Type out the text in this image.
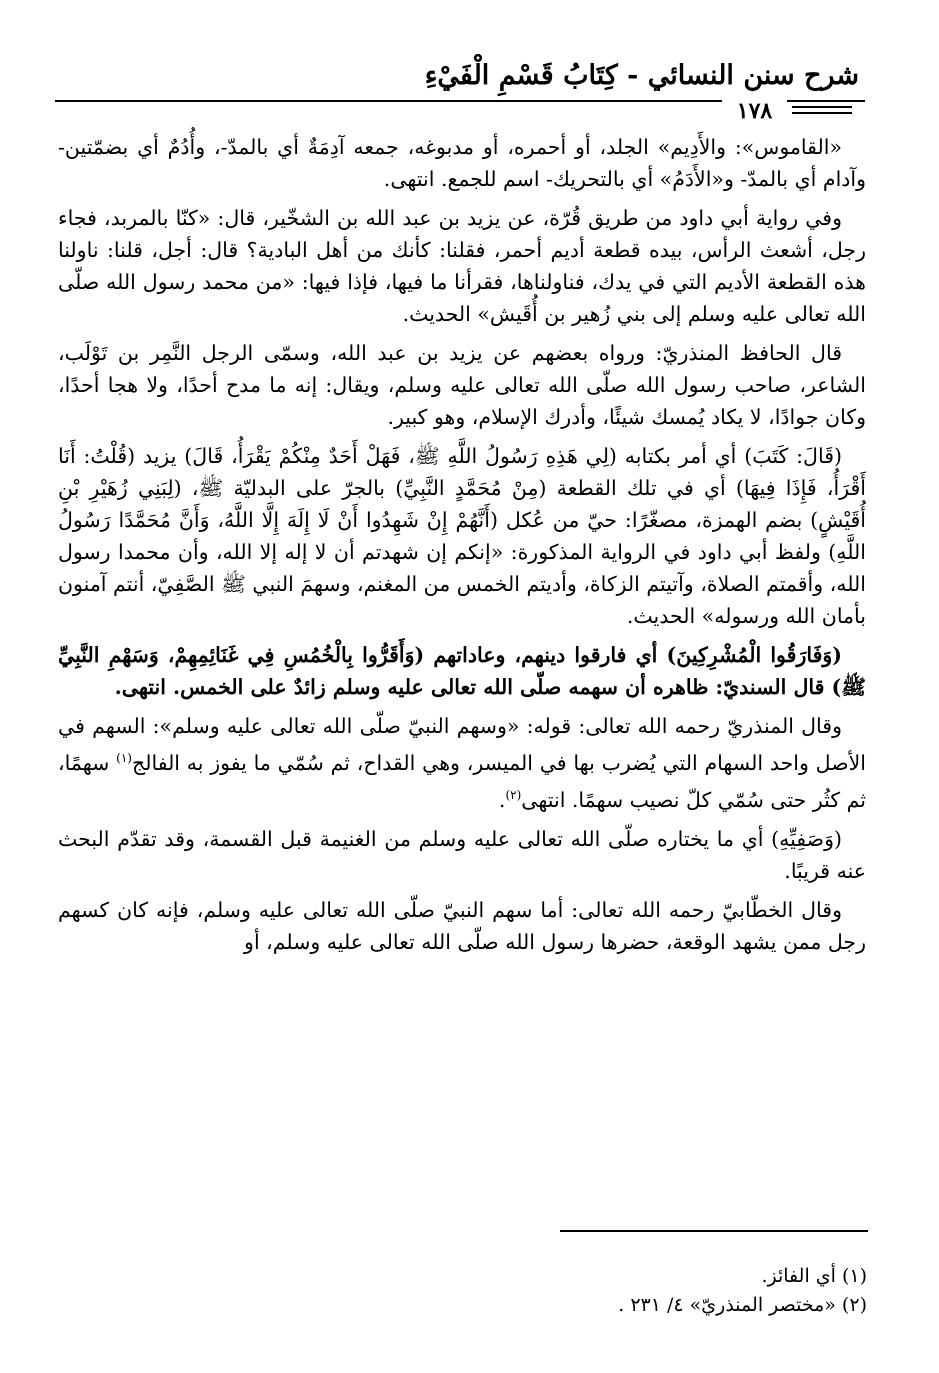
شرح سنن النسائي - كِتَابُ قَسْمِ الْفَيْءِ
١٧٨

«القاموس»: والأَدِيم» الجلد، أو أحمره، أو مدبوغه، جمعه آدِمَةٌ أي بالمدّ-، وأُدُمٌ أي بضمّتين- وآدام أي بالمدّ- و«الأَدَمُ» أي بالتحريك- اسم للجمع. انتهى.

وفي رواية أبي داود من طريق قُرّة، عن يزيد بن عبد الله بن الشخّير، قال: «كنّا بالمربد، فجاء رجل، أشعث الرأس، بيده قطعة أديم أحمر، فقلنا: كأنك من أهل البادية؟ قال: أجل، قلنا: ناولنا هذه القطعة الأديم التي في يدك، فناولناها، فقرأنا ما فيها، فإذا فيها: «من محمد رسول الله صلّى الله تعالى عليه وسلم إلى بني زُهير بن أُقَيش» الحديث.

قال الحافظ المنذريّ: ورواه بعضهم عن يزيد بن عبد الله، وسمّى الرجل النَّمِر بن تَوْلَب، الشاعر، صاحب رسول الله صلّى الله تعالى عليه وسلم، ويقال: إنه ما مدح أحدًا، ولا هجا أحدًا، وكان جوادًا، لا يكاد يُمسك شيئًا، وأدرك الإسلام، وهو كبير.

(قَالَ: كَتَبَ) أي أمر بكتابه (لِي هَذِهِ رَسُولُ اللَّهِ ﷺ، فَهَلْ أَحَدٌ مِنْكُمْ يَقْرَأُ، قَالَ) يزيد (قُلْتُ: أَنَا أَقْرَأُ، فَإِذَا فِيهَا) أي في تلك القطعة (مِنْ مُحَمَّدٍ النَّبِيِّ) بالجرّ على البدليّة ﷺ، (لِبَنِي زُهَيْرِ بْنِ أُقَيْشٍ) بضم الهمزة، مصغّرًا: حيّ من عُكل (أَنَّهُمْ إِنْ شَهِدُوا أَنْ لَا إِلَهَ إِلَّا اللَّهُ، وَأَنَّ مُحَمَّدًا رَسُولُ اللَّهِ) ولفظ أبي داود في الرواية المذكورة: «إنكم إن شهدتم أن لا إله إلا الله، وأن محمدا رسول الله، وأقمتم الصلاة، وآتيتم الزكاة، وأديتم الخمس من المغنم، وسهمَ النبي ﷺ الصَّفِيّ، أنتم آمنون بأمان الله ورسوله» الحديث.

(وَفَارَقُوا الْمُشْرِكِينَ) أي فارقوا دينهم، وعاداتهم (وَأَقَرُّوا بِالْخُمُسِ فِي غَنَائِمِهِمْ، وَسَهْمِ النَّبِيِّ ﷺ) قال السنديّ: ظاهره أن سهمه صلّى الله تعالى عليه وسلم زائدٌ على الخمس. انتهى.

وقال المنذريّ رحمه الله تعالى: قوله: «وسهم النبيّ صلّى الله تعالى عليه وسلم»: السهم في الأصل واحد السهام التي يُضرب بها في الميسر، وهي القداح، ثم سُمّي ما يفوز به الفالج$^{(١)}$ سهمًا، ثم كثُر حتى سُمّي كلّ نصيب سهمًا. انتهى$^{(٢)}$.

(وَصَفِيِّهِ) أي ما يختاره صلّى الله تعالى عليه وسلم من الغنيمة قبل القسمة، وقد تقدّم البحث عنه قريبًا.

وقال الخطّابيّ رحمه الله تعالى: أما سهم النبيّ صلّى الله تعالى عليه وسلم، فإنه كان كسهم رجل ممن يشهد الوقعة، حضرها رسول الله صلّى الله تعالى عليه وسلم، أو

(١) أي الفائز.
(٢) «مختصر المنذريّ» ٤/ ٢٣١ .
